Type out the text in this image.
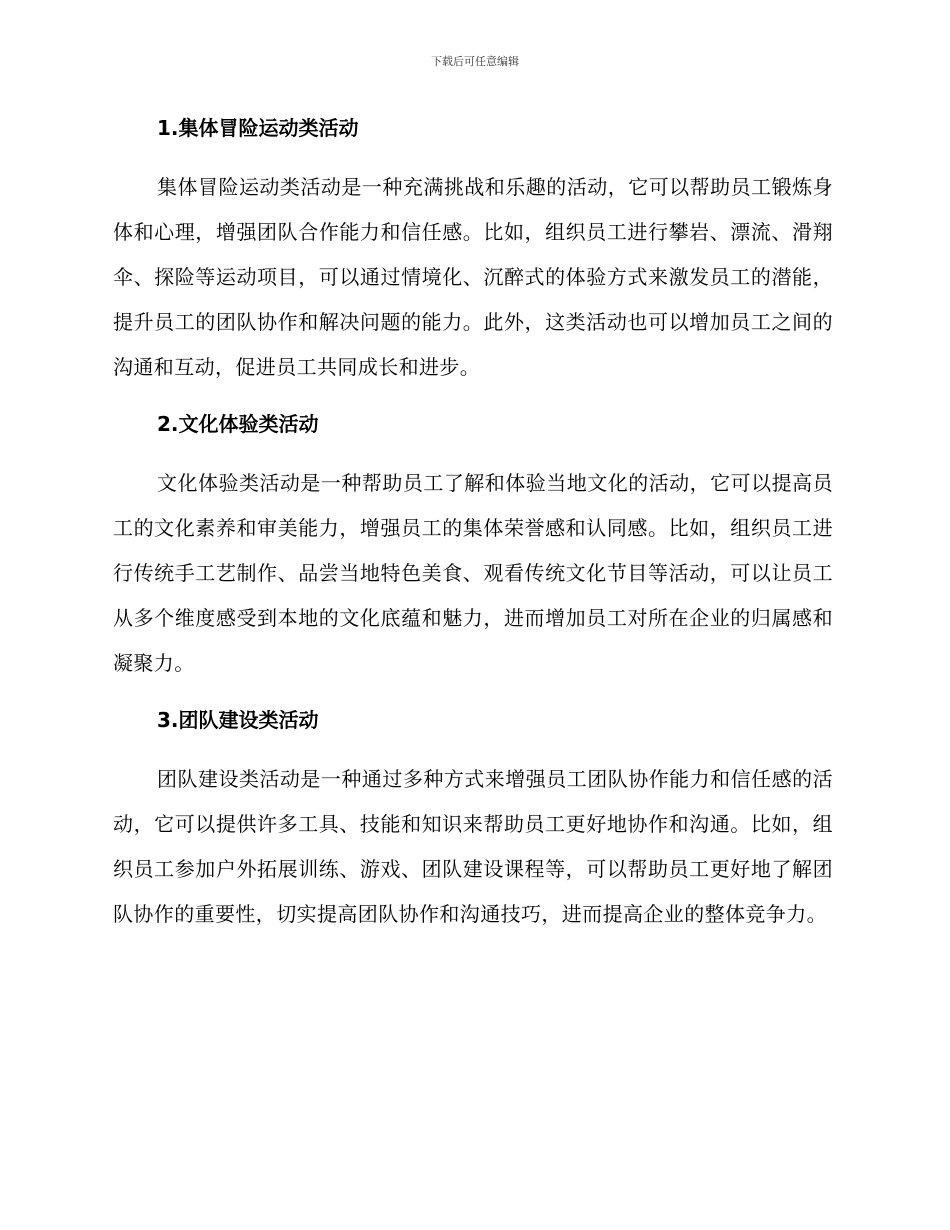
下载后可任意编辑
1.集体冒险运动类活动

集体冒险运动类活动是一种充满挑战和乐趣的活动，它可以帮助员工锻炼身体和心理，增强团队合作能力和信任感。比如，组织员工进行攀岩、漂流、滑翔伞、探险等运动项目，可以通过情境化、沉醉式的体验方式来激发员工的潜能，提升员工的团队协作和解决问题的能力。此外，这类活动也可以增加员工之间的沟通和互动，促进员工共同成长和进步。

2.文化体验类活动

文化体验类活动是一种帮助员工了解和体验当地文化的活动，它可以提高员工的文化素养和审美能力，增强员工的集体荣誉感和认同感。比如，组织员工进行传统手工艺制作、品尝当地特色美食、观看传统文化节目等活动，可以让员工从多个维度感受到本地的文化底蕴和魅力，进而增加员工对所在企业的归属感和凝聚力。

3.团队建设类活动

团队建设类活动是一种通过多种方式来增强员工团队协作能力和信任感的活动，它可以提供许多工具、技能和知识来帮助员工更好地协作和沟通。比如，组织员工参加户外拓展训练、游戏、团队建设课程等，可以帮助员工更好地了解团队协作的重要性，切实提高团队协作和沟通技巧，进而提高企业的整体竞争力。
